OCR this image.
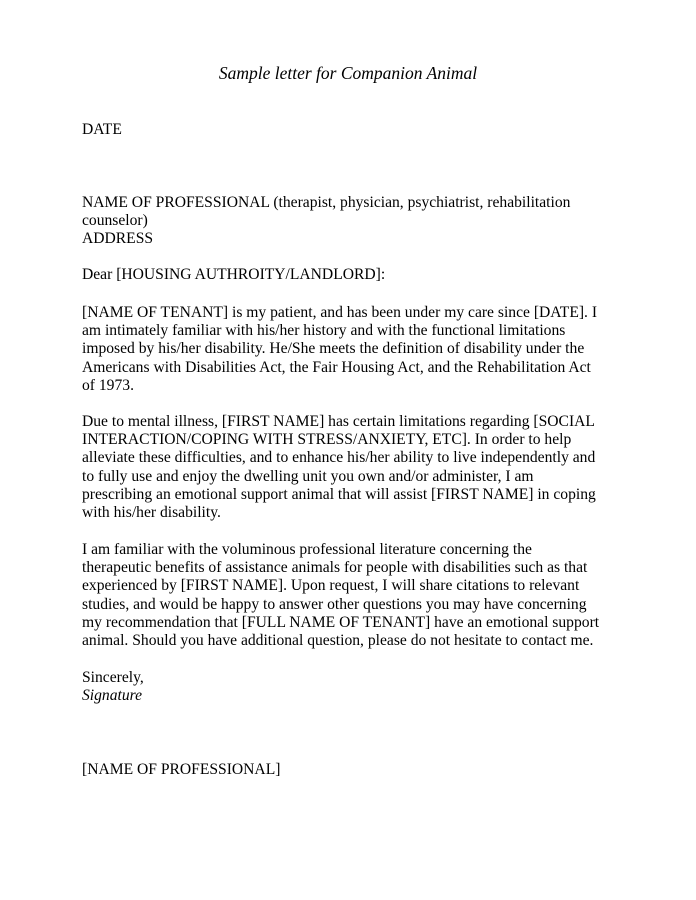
Sample letter for Companion Animal

DATE

NAME OF PROFESSIONAL (therapist, physician, psychiatrist, rehabilitation
counselor)
ADDRESS

Dear [HOUSING AUTHROITY/LANDLORD]:

[NAME OF TENANT] is my patient, and has been under my care since [DATE]. I
am intimately familiar with his/her history and with the functional limitations
imposed by his/her disability. He/She meets the definition of disability under the
Americans with Disabilities Act, the Fair Housing Act, and the Rehabilitation Act
of 1973.
Due to mental illness, [FIRST NAME] has certain limitations regarding [SOCIAL
INTERACTION/COPING WITH STRESS/ANXIETY, ETC]. In order to help
alleviate these difficulties, and to enhance his/her ability to live independently and
to fully use and enjoy the dwelling unit you own and/or administer, I am
prescribing an emotional support animal that will assist [FIRST NAME] in coping
with his/her disability.
I am familiar with the voluminous professional literature concerning the
therapeutic benefits of assistance animals for people with disabilities such as that
experienced by [FIRST NAME]. Upon request, I will share citations to relevant
studies, and would be happy to answer other questions you may have concerning
my recommendation that [FULL NAME OF TENANT] have an emotional support
animal. Should you have additional question, please do not hesitate to contact me.
Sincerely,
Signature

[NAME OF PROFESSIONAL]
